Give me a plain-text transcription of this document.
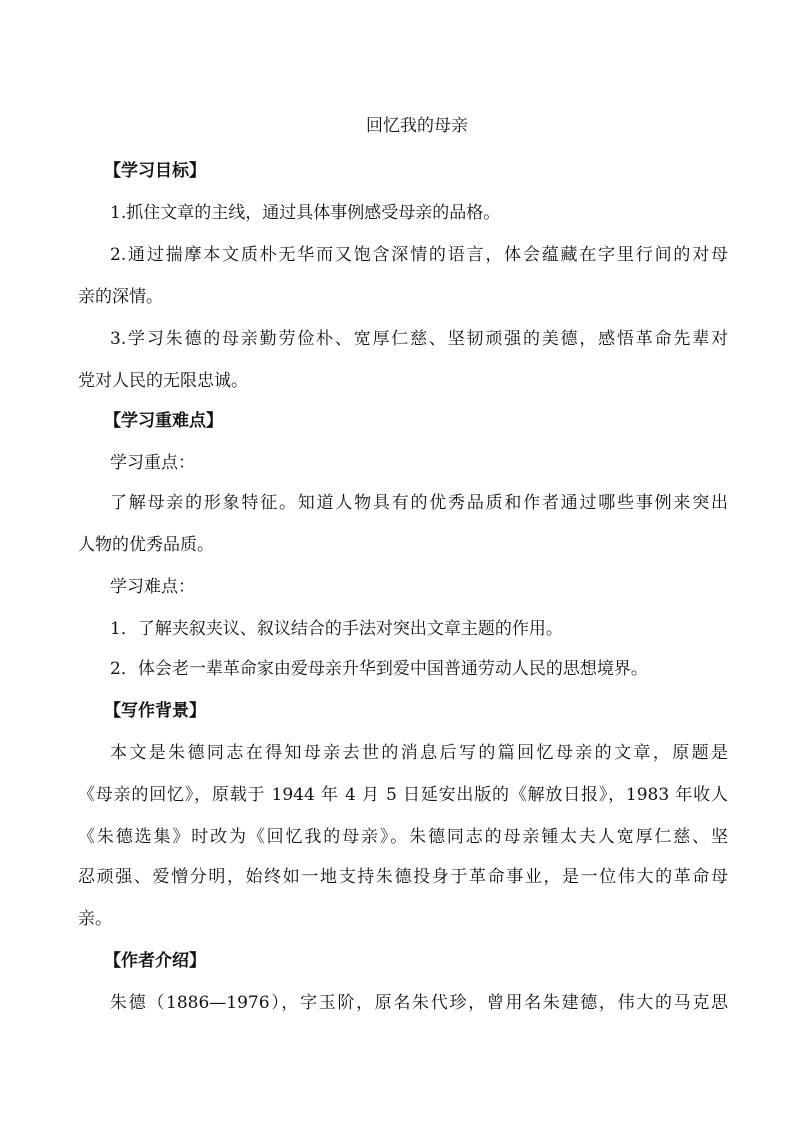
回忆我的母亲
【学习目标】
1.抓住文章的主线，通过具体事例感受母亲的品格。
2.通过揣摩本文质朴无华而又饱含深情的语言，体会蕴藏在字里行间的对母
亲的深情。
3.学习朱德的母亲勤劳俭朴、宽厚仁慈、坚韧顽强的美德，感悟革命先辈对
党对人民的无限忠诚。
【学习重难点】
学习重点：
了解母亲的形象特征。知道人物具有的优秀品质和作者通过哪些事例来突出
人物的优秀品质。
学习难点：
1．了解夹叙夹议、叙议结合的手法对突出文章主题的作用。
2．体会老一辈革命家由爱母亲升华到爱中国普通劳动人民的思想境界。
【写作背景】
本文是朱德同志在得知母亲去世的消息后写的篇回忆母亲的文章，原题是
《母亲的回忆》，原载于 1944 年 4 月 5 日延安出版的《解放日报》，1983 年收人
《朱德选集》时改为《回忆我的母亲》。朱德同志的母亲锺太夫人宽厚仁慈、坚
忍顽强、爱憎分明，始终如一地支持朱德投身于革命事业，是一位伟大的革命母
亲。
【作者介绍】
朱德（1886—1976），字玉阶，原名朱代珍，曾用名朱建德，伟大的马克思
